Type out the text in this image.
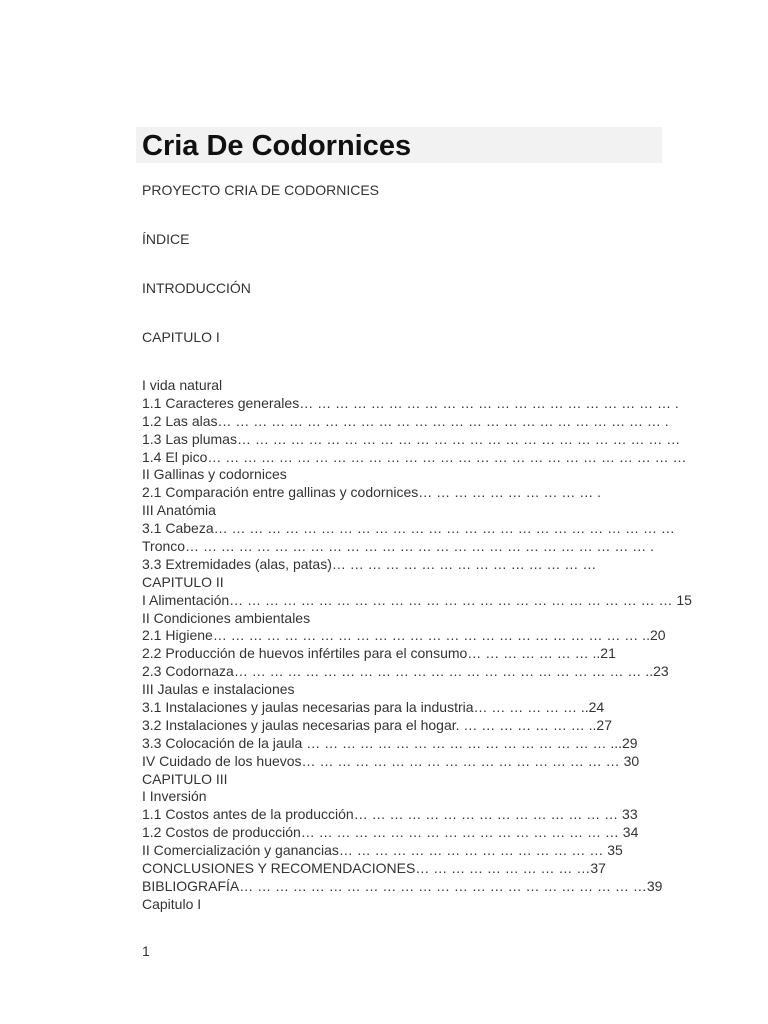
Cria De Codornices
PROYECTO CRIA DE CODORNICES
ÍNDICE
INTRODUCCIÓN
CAPITULO I
I vida natural
1.1 Caracteres generales… … … … … … … … … … … … … … … … … … … … … .
1.2 Las alas… … … … … … … … … … … … … … … … … … … … … … … … … .
1.3 Las plumas… … … … … … … … … … … … … … … … … … … … … … … … …
1.4 El pico… … … … … … … … … … … … … … … … … … … … … … … … … … …
II Gallinas y codornices
2.1 Comparación entre gallinas y codornices… … … … … … … … … … .
III Anatómia
3.1 Cabeza… … … … … … … … … … … … … … … … … … … … … … … … … …
Tronco… … … … … … … … … … … … … … … … … … … … … … … … … … .
3.3 Extremidades (alas, patas)… … … … … … … … … … … … … … …
CAPITULO II
I Alimentación… … … … … … … … … … … … … … … … … … … … … … … … … 15
II Condiciones ambientales
2.1 Higiene… … … … … … … … … … … … … … … … … … … … … … … … ..20
2.2 Producción de huevos infértiles para el consumo… … … … … … … ..21
2.3 Codornaza… … … … … … … … … … … … … … … … … … … … … … … ..23
III Jaulas e instalaciones
3.1 Instalaciones y jaulas necesarias para la industria… … … … … … ..24
3.2 Instalaciones y jaulas necesarias para el hogar. … … … … … … … ..27
3.3 Colocación de la jaula … … … … … … … … … … … … … … … … … ...29
IV Cuidado de los huevos… … … … … … … … … … … … … … … … … … 30
CAPITULO III
I Inversión
1.1 Costos antes de la producción… … … … … … … … … … … … … … … 33
1.2 Costos de producción… … … … … … … … … … … … … … … … … … 34
II Comercialización y ganancias… … … … … … … … … … … … … … … 35
CONCLUSIONES Y RECOMENDACIONES… … … … … … … … … …37
BIBLIOGRAFÍA… … … … … … … … … … … … … … … … … … … … … … …39
Capitulo I
1
